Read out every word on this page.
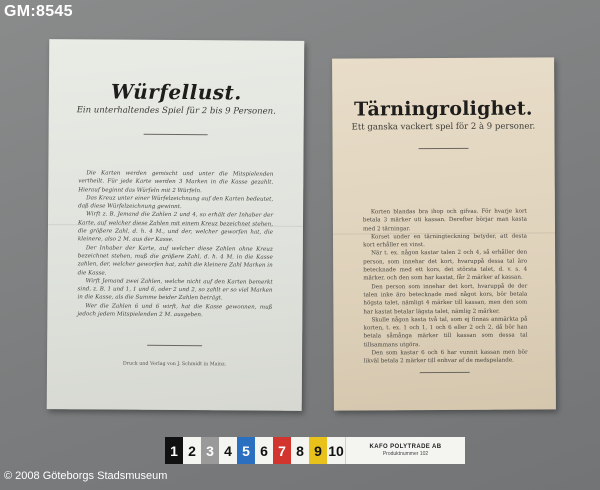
GM:8545
Würfellust.
Ein unterhaltendes Spiel für 2 bis 9 Personen.

Die Karten werden gemischt und unter die Mitspielenden vertheilt. Für jede Karte werden 3 Marken in die Kasse gezahlt. Hierauf beginnt das Würfeln mit 2 Würfeln.

Das Kreuz unter einer Würfelzeichnung auf den Karten bedeutet, daß diese Würfelzeichnung gewinnt.

Wirft z. B. Jemand die Zahlen 2 und 4, so erhält der Inhaber der Karte, auf welcher diese Zahlen mit einem Kreuz bezeichnet stehen, die größere Zahl, d. h. 4 M., und der, welcher geworfen hat, die kleinere, also 2 M. aus der Kasse.

Der Inhaber der Karte, auf welcher diese Zahlen ohne Kreuz bezeichnet stehen, muß die größere Zahl, d. h. 4 M. in die Kasse zahlen, der, welcher geworfen hat, zahlt die kleinere Zahl Marken in die Kasse.

Wirft Jemand zwei Zahlen, welche nicht auf den Karten bemerkt sind, z. B. 1 und 1, 1 und 6, oder 2 und 2, so zahlt er so viel Marken in die Kasse, als die Summe beider Zahlen beträgt.

Wer die Zahlen 6 und 6 wirft, hat die Kasse gewonnen, muß jedoch jedem Mitspielenden 2 M. ausgeben.

Druck und Verlag von J. Schmidt in Mainz.
Tärningrolighet.
Ett ganska vackert spel för 2 à 9 personer.

Korten blandas bra ihop och gifvas. För hvarje kort betala 3 märker uti kassan. Derefter börjar man kasta med 2 tärningar.

Korset under en tärningteckning betyder, att desta kort erhåller en vinst.

När t. ex. någon kastar talen 2 och 4, så erhåller den person, som innehar det kort, hvaruppå dessa tal äro betecknade med ett kors, det största talet, d. v. s. 4 märker, och den som har kastat, får 2 märker af kassan.

Den person som innehar det kort, hvaruppå de der talen inke äro betecknade med något kors, bör betala högsta talet, nämligt 4 märker till kassan, men den som har kastat betalar lägsta talet, nämlig 2 märker.

Skulle någon kasta två tal, som ej finnas anmärkta på korten, t. ex. 1 och 1, 1 och 6 eller 2 och 2, då bör han betala såmånga märker till kassan som dessa tal tillsammans utgöra.

Den som kastar 6 och 6 har vunnit kassan men bör likväl betala 2 märker till enhvar af de medspelande.

1 2 3 4 5 6 7 8 9 10	KAFO POLYTRADE AB
Produktnummer 102
© 2008 Göteborgs Stadsmuseum
